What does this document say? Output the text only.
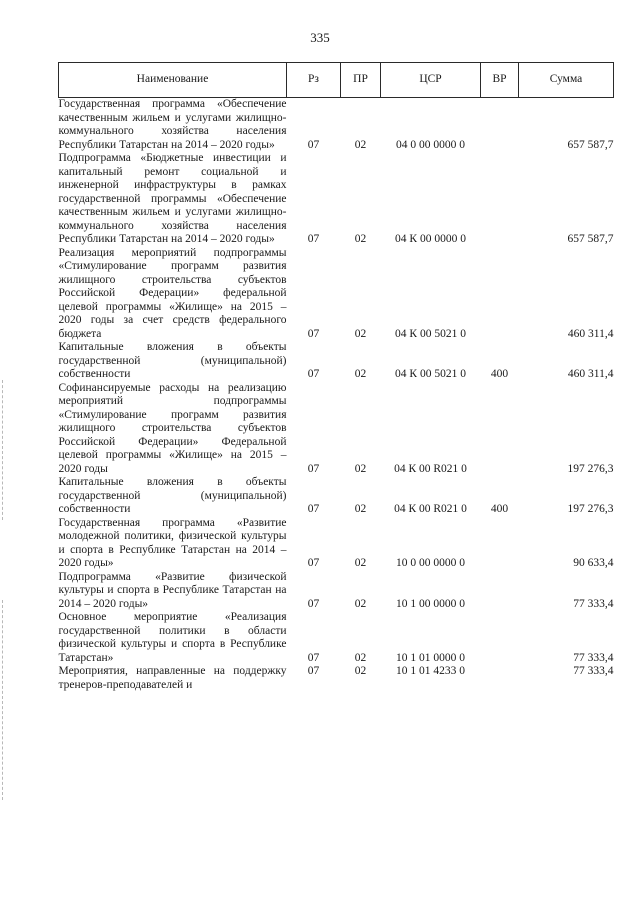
335
Наименование	Рз	ПР	ЦСР	ВР	Сумма
Государственная программа «Обеспечение качественным жильем и услугами жилищно-коммунального хозяйства населения Республики Татарстан на 2014 – 2020 годы»	07	02	04 0 00 0000 0		657 587,7
Подпрограмма «Бюджетные инвестиции и капитальный ремонт социальной и инженерной инфраструктуры в рамках государственной программы «Обеспечение качественным жильем и услугами жилищно-коммунального хозяйства населения Республики Татарстан на 2014 – 2020 годы»	07	02	04 К 00 0000 0		657 587,7
Реализация мероприятий подпрограммы «Стимулирование программ развития жилищного строительства субъектов Российской Федерации» федеральной целевой программы «Жилище» на 2015 – 2020 годы за счет средств федерального бюджета	07	02	04 К 00 5021 0		460 311,4
Капитальные вложения в объекты государственной (муниципальной) собственности	07	02	04 К 00 5021 0	400	460 311,4
Софинансируемые расходы на реализацию мероприятий подпрограммы «Стимулирование программ развития жилищного строительства субъектов Российской Федерации» Федеральной целевой программы «Жилище» на 2015 – 2020 годы	07	02	04 К 00 R021 0		197 276,3
Капитальные вложения в объекты государственной (муниципальной) собственности	07	02	04 К 00 R021 0	400	197 276,3
Государственная программа «Развитие молодежной политики, физической культуры и спорта в Республике Татарстан на 2014 – 2020 годы»	07	02	10 0 00 0000 0		90 633,4
Подпрограмма «Развитие физической культуры и спорта в Республике Татарстан на 2014 – 2020 годы»	07	02	10 1 00 0000 0		77 333,4
Основное мероприятие «Реализация государственной политики в области физической культуры и спорта в Республике Татарстан»	07	02	10 1 01 0000 0		77 333,4
Мероприятия, направленные на поддержку тренеров-преподавателей и	07	02	10 1 01 4233 0		77 333,4
